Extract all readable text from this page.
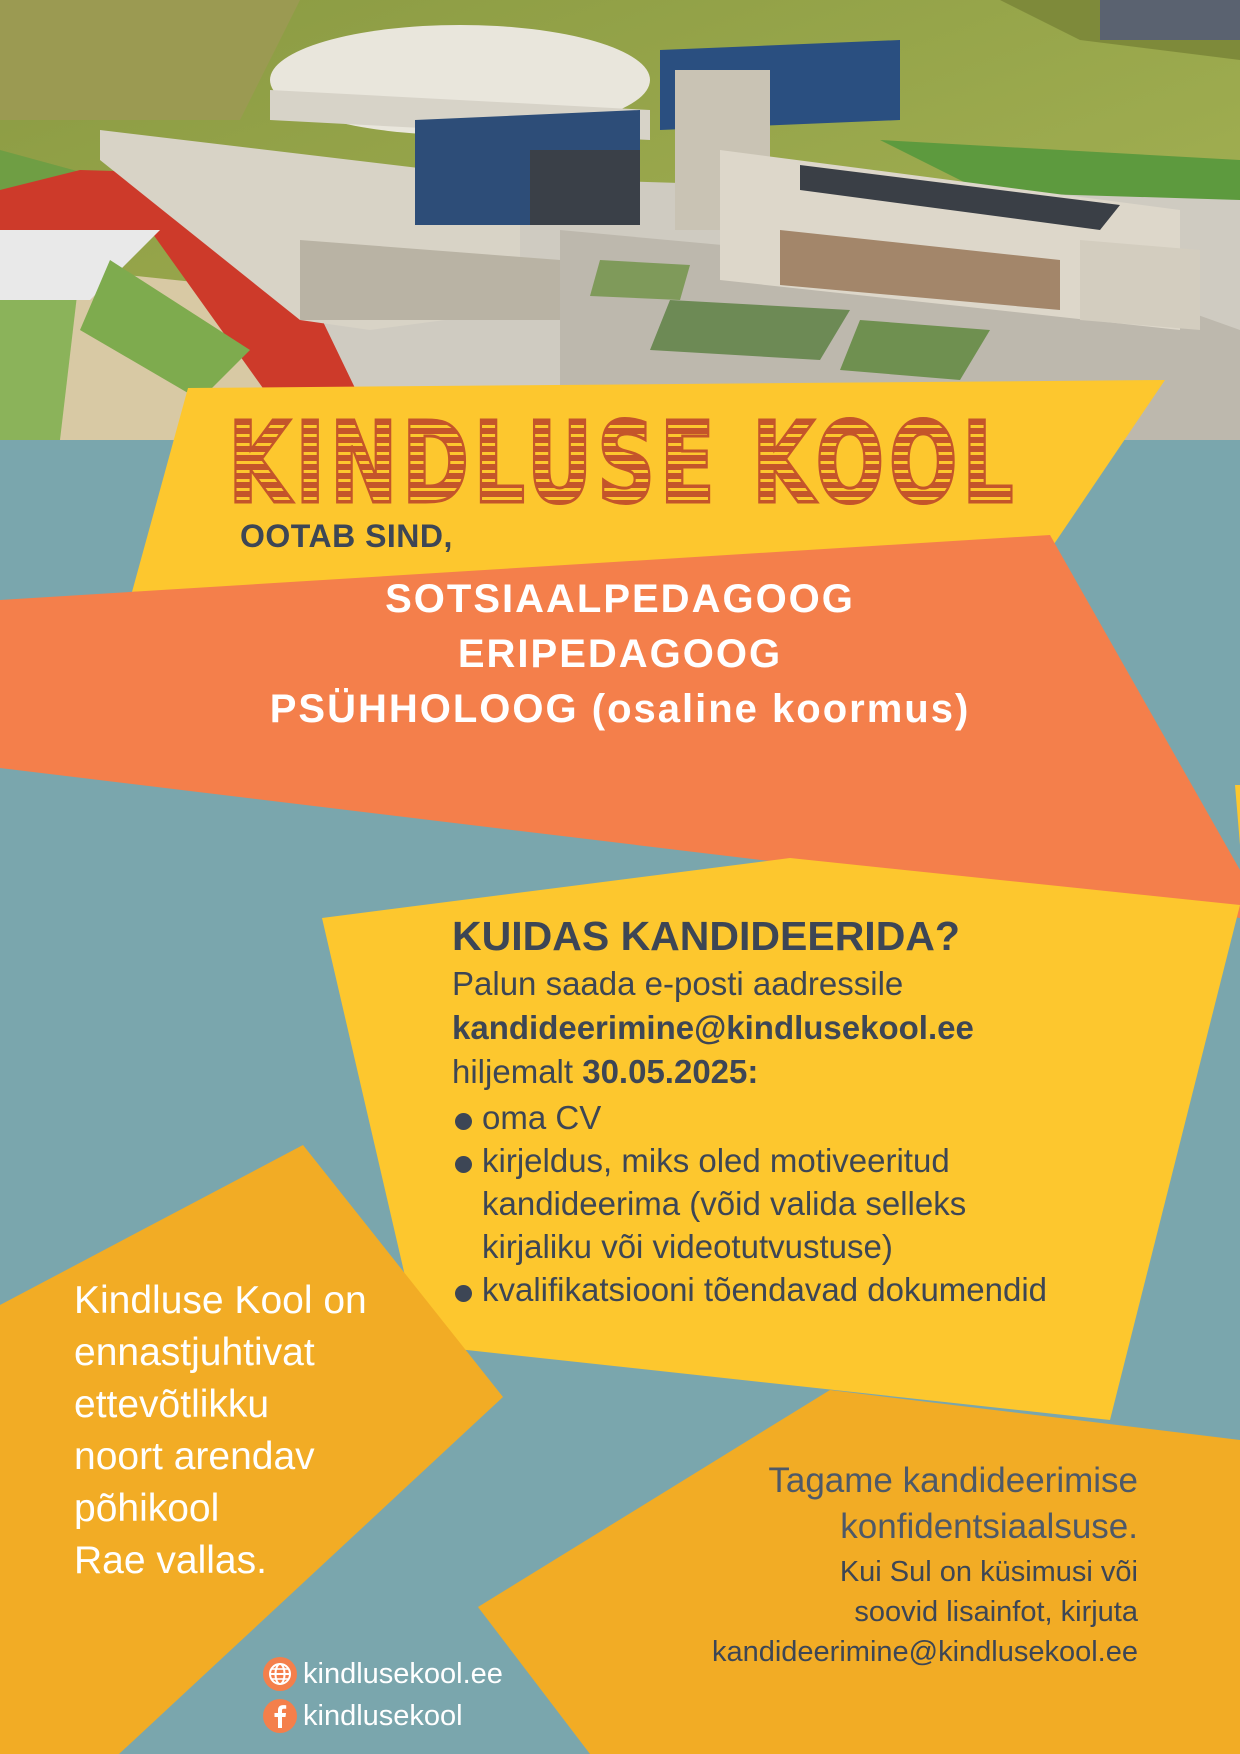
KINDLUSE KOOL
KINDLUSE KOOL
OOTAB SIND,
SOTSIAALPEDAGOOG
ERIPEDAGOOG
PSÜHHOLOOG (osaline koormus)
KUIDAS KANDIDEERIDA?
Palun saada e-posti aadressile
kandideerimine@kindlusekool.ee
hiljemalt 30.05.2025:
oma CV
kirjeldus, miks oled motiveeritud
kandideerima (võid valida selleks
kirjaliku või videotutvustuse)
kvalifikatsiooni tõendavad dokumendid
Kindluse Kool on
ennastjuhtivat
ettevõtlikku
noort arendav
põhikool
Rae vallas.
Tagame kandideerimise
konfidentsiaalsuse.
Kui Sul on küsimusi või
soovid lisainfot, kirjuta
kandideerimine@kindlusekool.ee
kindlusekool.ee
kindlusekool
